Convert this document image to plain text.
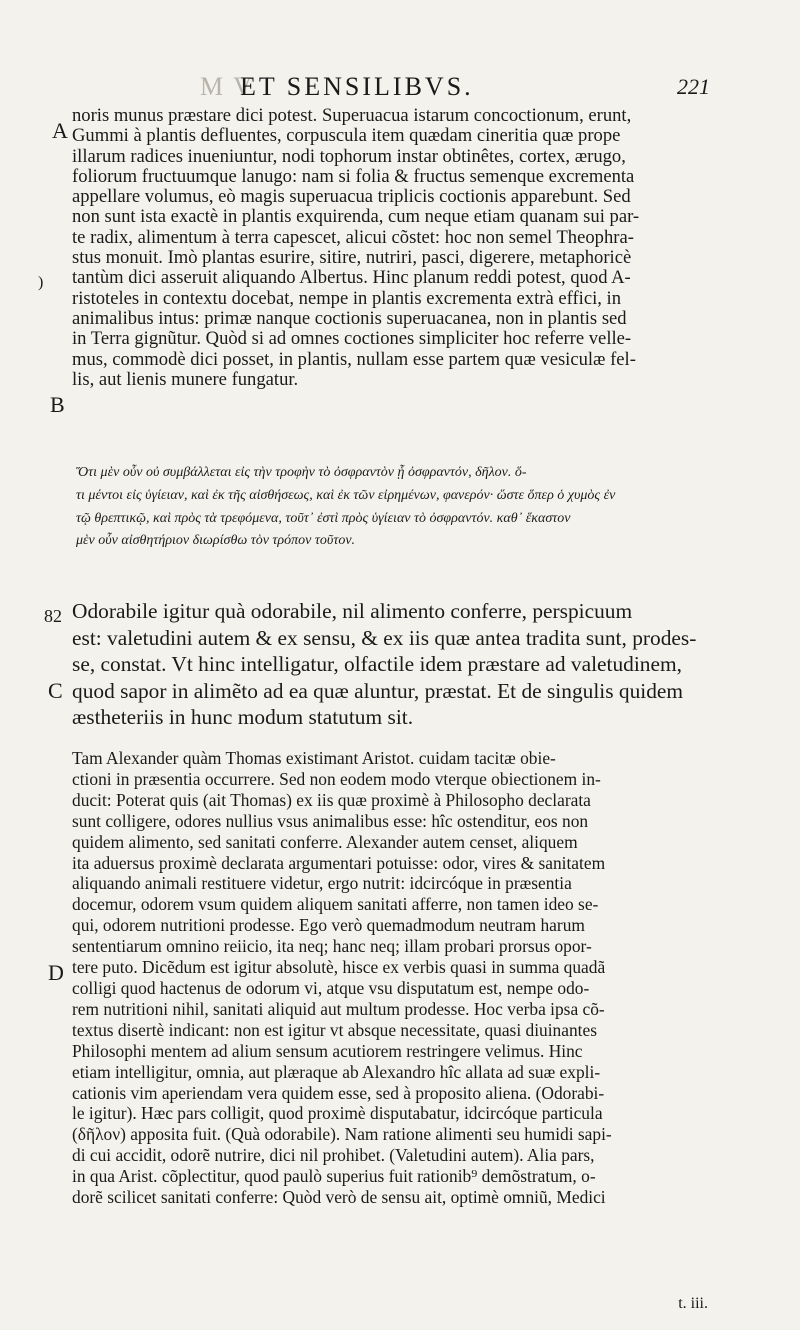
M V
ET SENSILIBVS.	221
A
)
B
82
C
D
noris munus præstare dici potest. Superuacua istarum concoctionum, erunt,
Gummi à plantis defluentes, corpuscula item quædam cineritia quæ prope
illarum radices inueniuntur, nodi tophorum instar obtinêtes, cortex, ærugo,
foliorum fructuumque lanugo: nam si folia & fructus semenque excrementa
appellare volumus, eò magis superuacua triplicis coctionis apparebunt. Sed
non sunt ista exactè in plantis exquirenda, cum neque etiam quanam sui par-
te radix, alimentum à terra capescet, alicui cõstet: hoc non semel Theophra-
stus monuit. Imò plantas esurire, sitire, nutriri, pasci, digerere, metaphoricè
tantùm dici asseruit aliquando Albertus. Hinc planum reddi potest, quod A-
ristoteles in contextu docebat, nempe in plantis excrementa extrà effici, in
animalibus intus: primæ nanque coctionis superuacanea, non in plantis sed
in Terra gignũtur. Quòd si ad omnes coctiones simpliciter hoc referre velle-
mus, commodè dici posset, in plantis, nullam esse partem quæ vesiculæ fel-
lis, aut lienis munere fungatur.
Ὅτι μὲν οὖν οὐ συμβάλλεται εἰς τὴν τροφὴν τὸ ὀσφραντὸν ᾗ ὀσφραντόν, δῆλον. ὅ-
τι μέντοι εἰς ὑγίειαν, καὶ ἐκ τῆς αἰσθήσεως, καὶ ἐκ τῶν εἰρημένων, φανερόν· ὥστε ὅπερ ὁ χυμὸς ἐν
τῷ θρεπτικῷ, καὶ πρὸς τὰ τρεφόμενα, τοῦτ᾽ ἐστὶ πρὸς ὑγίειαν τὸ ὀσφραντόν. καθ᾽ ἕκαστον
μὲν οὖν αἰσθητήριον διωρίσθω τὸν τρόπον τοῦτον.
Odorabile igitur quà odorabile, nil alimento conferre, perspicuum
est: valetudini autem & ex sensu, & ex iis quæ antea tradita sunt, prodes-
se, constat. Vt hinc intelligatur, olfactile idem præstare ad valetudinem,
quod sapor in alimẽto ad ea quæ aluntur, præstat. Et de singulis quidem
æstheteriis in hunc modum statutum sit.
Tam Alexander quàm Thomas existimant Aristot. cuidam tacitæ obie-
ctioni in præsentia occurrere. Sed non eodem modo vterque obiectionem in-
ducit: Poterat quis (ait Thomas) ex iis quæ proximè à Philosopho declarata
sunt colligere, odores nullius vsus animalibus esse: hîc ostenditur, eos non
quidem alimento, sed sanitati conferre. Alexander autem censet, aliquem
ita aduersus proximè declarata argumentari potuisse: odor, vires & sanitatem
aliquando animali restituere videtur, ergo nutrit: idcircóque in præsentia
docemur, odorem vsum quidem aliquem sanitati afferre, non tamen ideo se-
qui, odorem nutritioni prodesse. Ego verò quemadmodum neutram harum
sententiarum omnino reiicio, ita neq; hanc neq; illam probari prorsus opor-
tere puto. Dicẽdum est igitur absolutè, hisce ex verbis quasi in summa quadã
colligi quod hactenus de odorum vi, atque vsu disputatum est, nempe odo-
rem nutritioni nihil, sanitati aliquid aut multum prodesse. Hoc verba ipsa cõ-
textus disertè indicant: non est igitur vt absque necessitate, quasi diuinantes
Philosophi mentem ad alium sensum acutiorem restringere velimus. Hinc
etiam intelligitur, omnia, aut plæraque ab Alexandro hîc allata ad suæ expli-
cationis vim aperiendam vera quidem esse, sed à proposito aliena. (Odorabi-
le igitur). Hæc pars colligit, quod proximè disputabatur, idcircóque particula
(δῆλον) apposita fuit. (Quà odorabile). Nam ratione alimenti seu humidi sapi-
di cui accidit, odorẽ nutrire, dici nil prohibet. (Valetudini autem). Alia pars,
in qua Arist. cõplectitur, quod paulò superius fuit rationib⁹ demõstratum, o-
dorẽ scilicet sanitati conferre: Quòd verò de sensu ait, optimè omniũ, Medici
t. iii.
